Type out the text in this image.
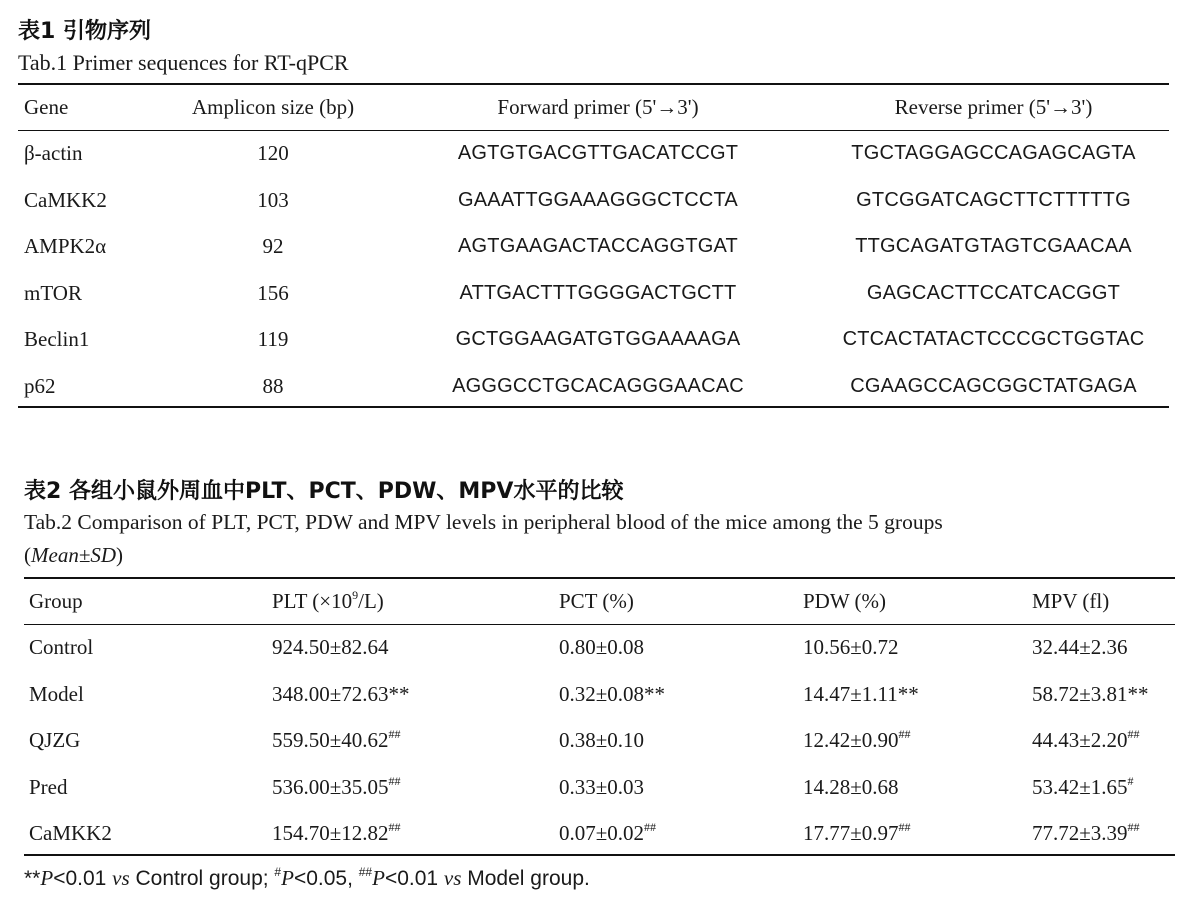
表1 引物序列
Tab.1 Primer sequences for RT-qPCR
Gene	Amplicon size (bp)	Forward primer (5'→3')	Reverse primer (5'→3')
β-actin	120	AGTGTGACGTTGACATCCGT	TGCTAGGAGCCAGAGCAGTA
CaMKK2	103	GAAATTGGAAAGGGCTCCTA	GTCGGATCAGCTTCTTTTTG
AMPK2α	92	AGTGAAGACTACCAGGTGAT	TTGCAGATGTAGTCGAACAA
mTOR	156	ATTGACTTTGGGGACTGCTT	GAGCACTTCCATCACGGT
Beclin1	119	GCTGGAAGATGTGGAAAAGA	CTCACTATACTCCCGCTGGTAC
p62	88	AGGGCCTGCACAGGGAACAC	CGAAGCCAGCGGCTATGAGA
表2 各组小鼠外周血中PLT、PCT、PDW、MPV水平的比较
Tab.2 Comparison of PLT, PCT, PDW and MPV levels in peripheral blood of the mice among the 5 groups
(Mean±SD)
Group	PLT $(\times 10^9/L)$	PCT (%)	PDW (%)	MPV (fl)
Control	924.50±82.64	0.80±0.08	10.56±0.72	32.44±2.36
Model	348.00±72.63**	0.32±0.08**	14.47±1.11**	58.72±3.81**
QJZG	559.50±40.62##	0.38±0.10	12.42±0.90##	44.43±2.20##
Pred	536.00±35.05##	0.33±0.03	14.28±0.68	53.42±1.65#
CaMKK2	154.70±12.82##	0.07±0.02##	17.77±0.97##	77.72±3.39##
**P<0.01 vs Control group; #P<0.05, ##P<0.01 vs Model group.
